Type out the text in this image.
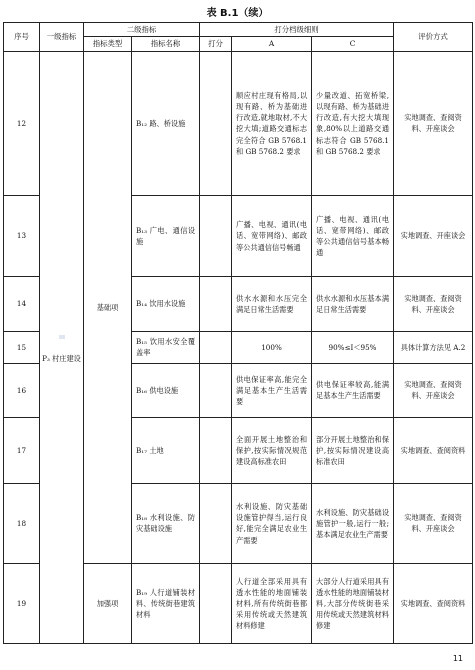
表 B.1（续）
序号	一级指标	二级指标		打分档级细则			评价方式
		指标类型	指标名称	打分	A	C	
12	P₃ 村庄建设	基础项	B₁₂ 路、桥设施		顺应村庄现有格局,以现有路、桥为基础进行改造,就地取材,不大挖大填;道路交通标志完全符合 GB 5768.1 和 GB 5768.2 要求	少量改道、拓宽桥梁,以现有路、桥为基础进行改造,有大挖大填现象,80%以上道路交通标志符合 GB 5768.1 和 GB 5768.2 要求	实地调查、查阅资料、开座谈会
13			B₁₃ 广电、通信设施		广播、电视、通讯(电话、宽带网络)、邮政等公共通信信号畅通	广播、电视、通讯(电话、宽带网络)、邮政等公共通信信号基本畅通	实地调查、开座谈会
14			B₁₄ 饮用水设施		供水水源和水压完全满足日常生活需要	供水水源和水压基本满足日常生活需要	实地调查、查阅资料、开座谈会
15			B₁₅ 饮用水安全覆盖率		100%	90%≤I＜95%	具体计算方法见 A.2
16			B₁₆ 供电设施		供电保证率高,能完全满足基本生产生活需要	供电保证率较高,能满足基本生产生活需要	实地调查、查阅资料、开座谈会
17			B₁₇ 土地		全面开展土地整治和保护,按实际情况规范建设高标准农田	部分开展土地整治和保护,按实际情况建设高标准农田	实地调查、查阅资料
18			B₁₈ 水利设施、防灾基础设施		水利设施、防灾基础设施管护得当,运行良好,能完全满足农业生产需要	水利设施、防灾基础设施管护一般,运行一般;基本满足农业生产需要	实地调查、查阅资料、开座谈会
19		加强项	B₁₉ 人行道铺装材料、传统街巷建筑材料		人行道全部采用具有透水性能的地面铺装材料,所有传统街巷都采用传统或天然建筑材料修建	大部分人行道采用具有透水性能的地面铺装材料,大部分传统街巷采用传统或天然建筑材料修建	实地调查、查阅资料
11
